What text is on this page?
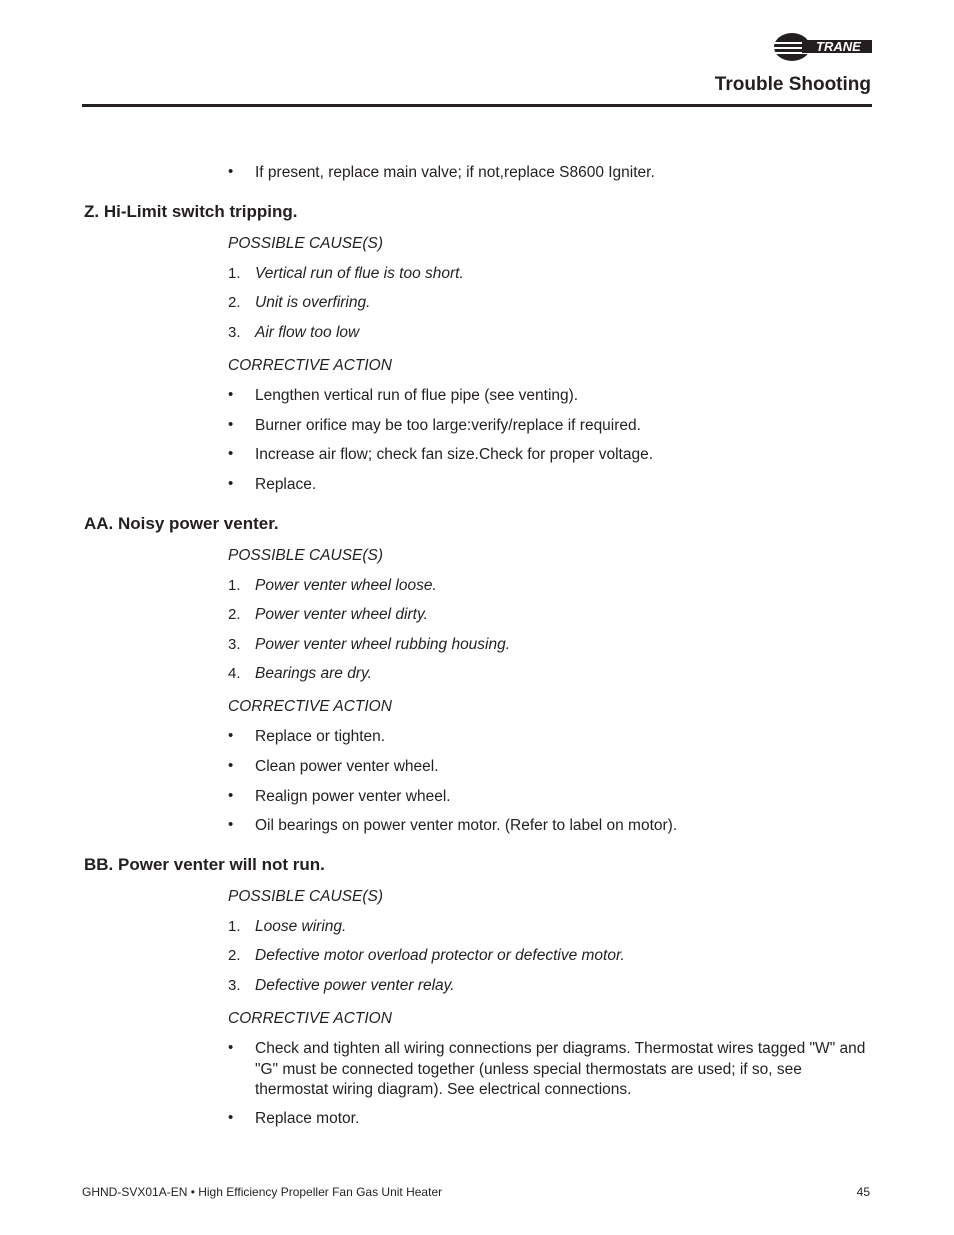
TRANE
Trouble Shooting
• If present, replace main valve; if not,replace S8600 Igniter.
Z. Hi-Limit switch tripping.
POSSIBLE CAUSE(S)
1. Vertical run of flue is too short.
2. Unit is overfiring.
3. Air flow too low
CORRECTIVE ACTION
• Lengthen vertical run of flue pipe (see venting).
• Burner orifice may be too large:verify/replace if required.
• Increase air flow; check fan size.Check for proper voltage.
• Replace.
AA. Noisy power venter.
POSSIBLE CAUSE(S)
1. Power venter wheel loose.
2. Power venter wheel dirty.
3. Power venter wheel rubbing housing.
4. Bearings are dry.
CORRECTIVE ACTION
• Replace or tighten.
• Clean power venter wheel.
• Realign power venter wheel.
• Oil bearings on power venter motor. (Refer to label on motor).
BB. Power venter will not run.
POSSIBLE CAUSE(S)
1. Loose wiring.
2. Defective motor overload protector or defective motor.
3. Defective power venter relay.
CORRECTIVE ACTION
• Check and tighten all wiring connections per diagrams. Thermostat wires tagged "W" and "G" must be connected together (unless special thermostats are used; if so, see thermostat wiring diagram). See electrical connections.
• Replace motor.
GHND-SVX01A-EN • High Efficiency Propeller Fan Gas Unit Heater	45
